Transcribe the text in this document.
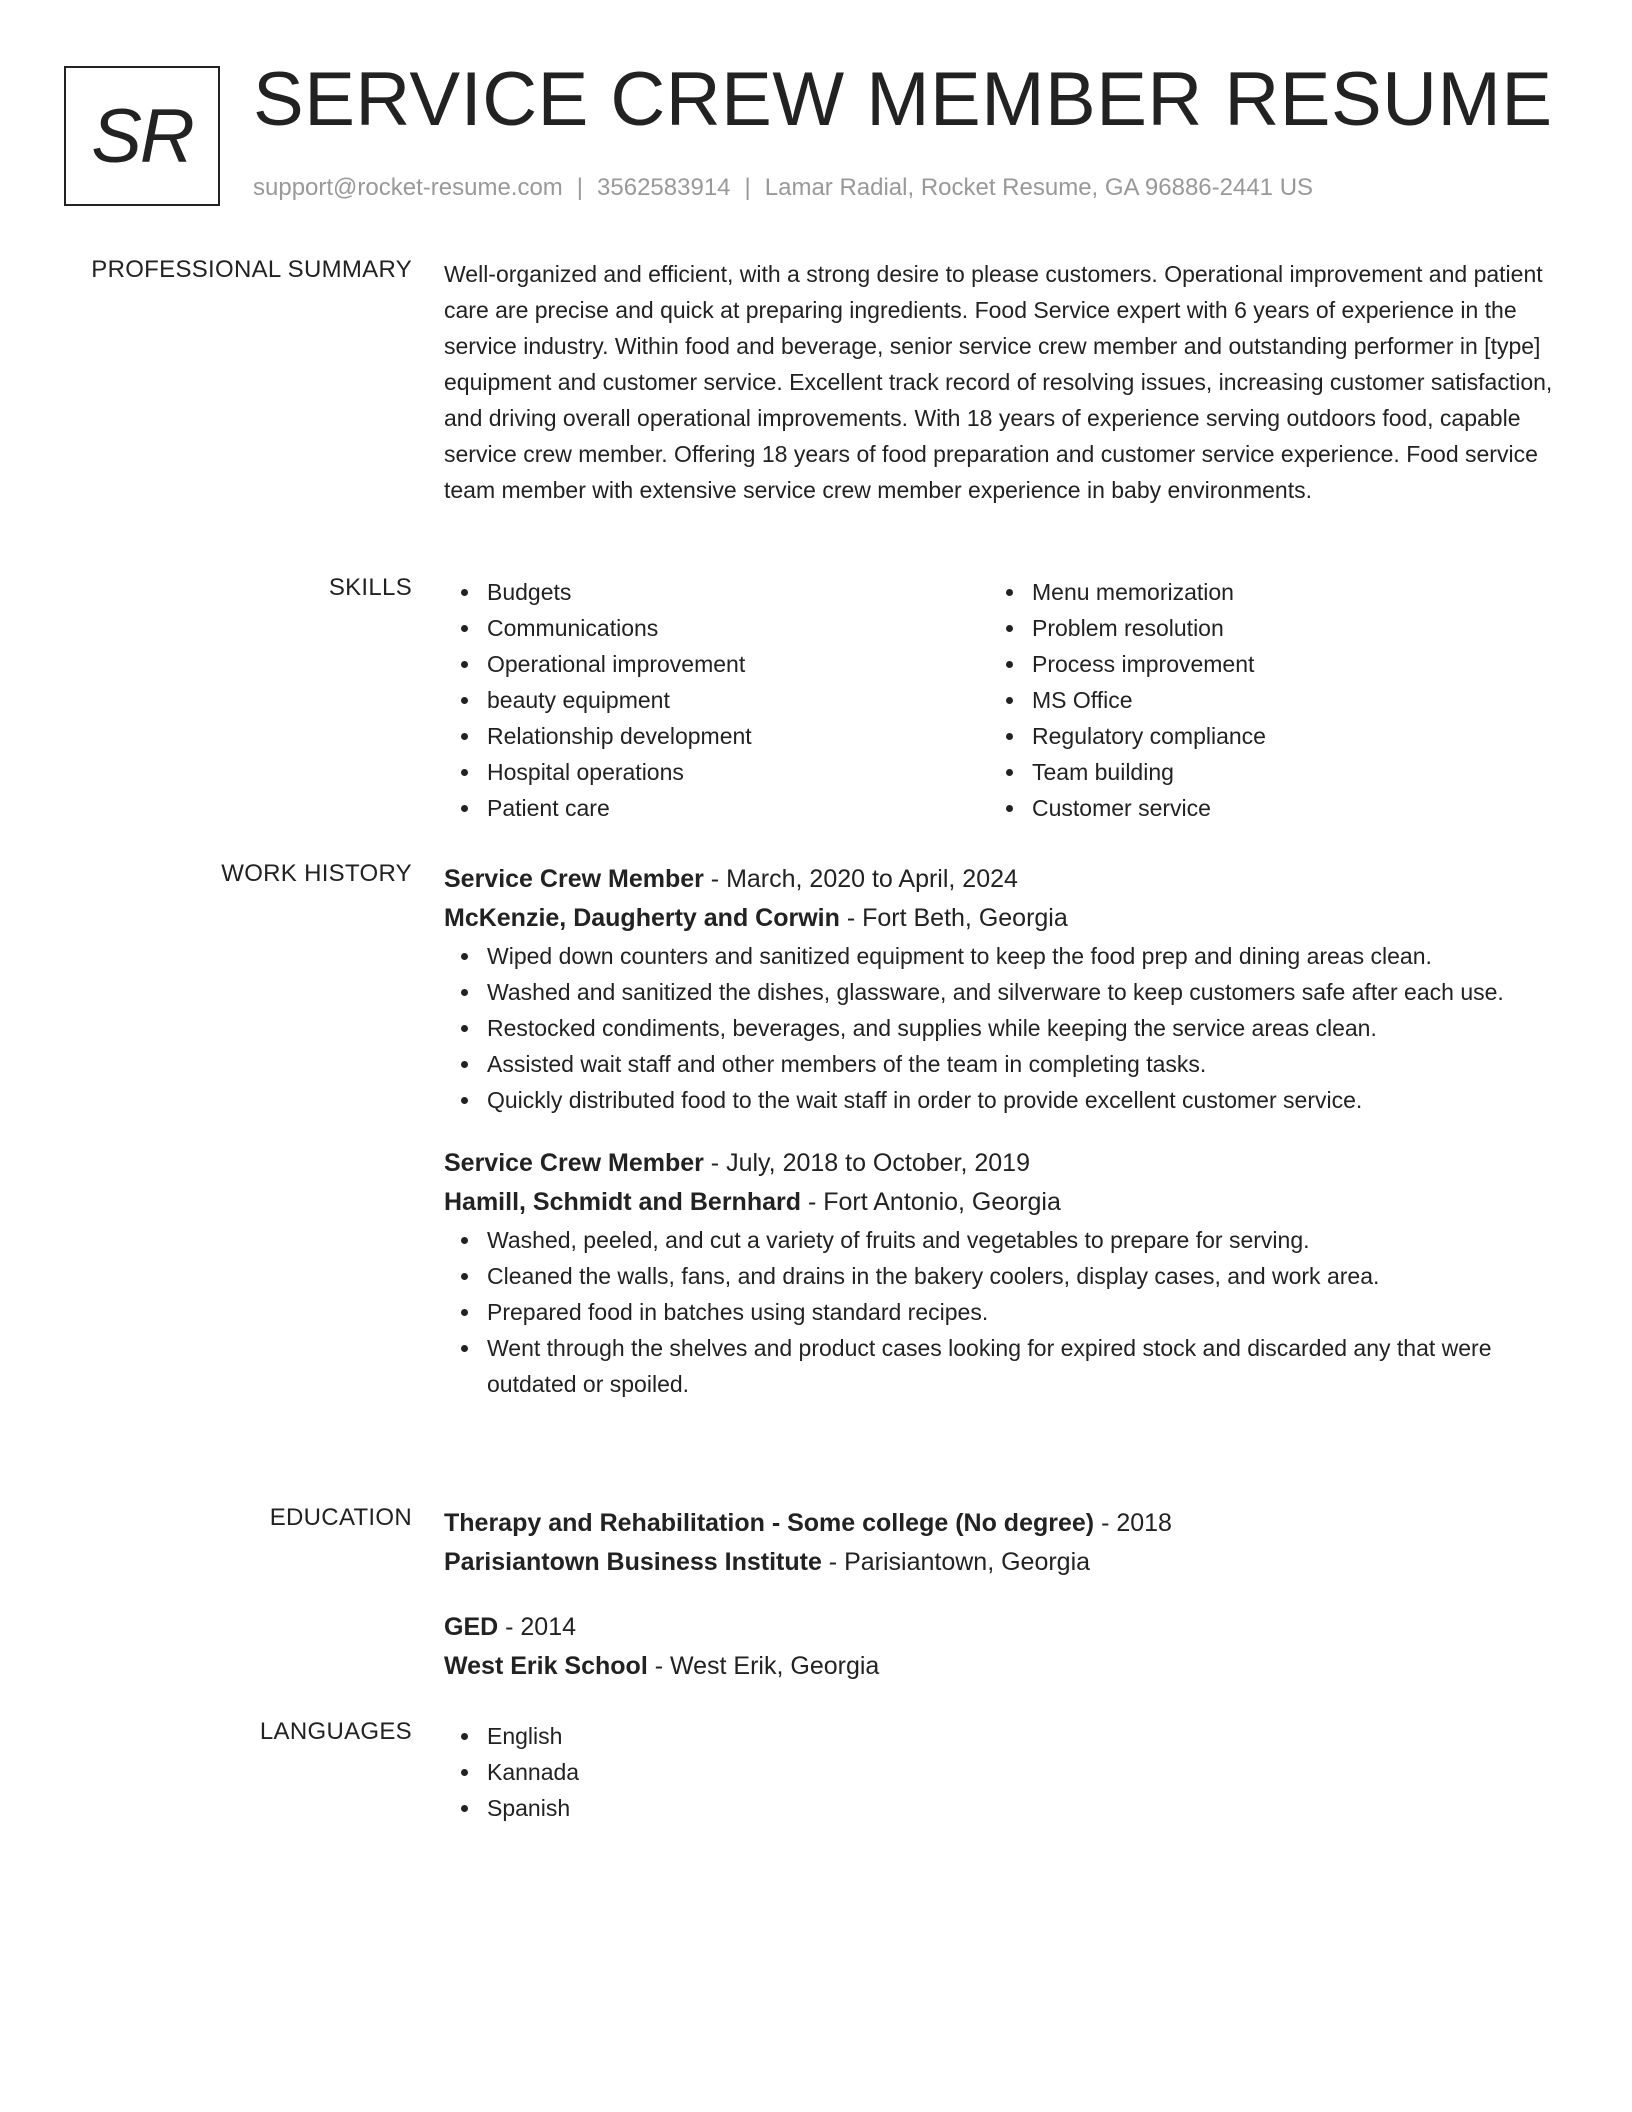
SR SERVICE CREW MEMBER RESUME
support@rocket-resume.com | 3562583914 | Lamar Radial, Rocket Resume, GA 96886-2441 US
PROFESSIONAL SUMMARY Well-organized and efficient, with a strong desire to please customers. Operational improvement and patient care are precise and quick at preparing ingredients. Food Service expert with 6 years of experience in the service industry. Within food and beverage, senior service crew member and outstanding performer in [type] equipment and customer service. Excellent track record of resolving issues, increasing customer satisfaction, and driving overall operational improvements. With 18 years of experience serving outdoors food, capable service crew member. Offering 18 years of food preparation and customer service experience. Food service team member with extensive service crew member experience in baby environments.

SKILLS	Budgets
Communications
Operational improvement
beauty equipment
Relationship development
Hospital operations
Patient care
Menu memorization
Problem resolution
Process improvement
MS Office
Regulatory compliance
Team building
Customer service
WORK HISTORY Service Crew Member - March, 2020 to April, 2024
McKenzie, Daugherty and Corwin - Fort Beth, Georgia
Wiped down counters and sanitized equipment to keep the food prep and dining areas clean.
Washed and sanitized the dishes, glassware, and silverware to keep customers safe after each use.
Restocked condiments, beverages, and supplies while keeping the service areas clean.
Assisted wait staff and other members of the team in completing tasks.
Quickly distributed food to the wait staff in order to provide excellent customer service.
Service Crew Member - July, 2018 to October, 2019
Hamill, Schmidt and Bernhard - Fort Antonio, Georgia
Washed, peeled, and cut a variety of fruits and vegetables to prepare for serving.
Cleaned the walls, fans, and drains in the bakery coolers, display cases, and work area.
Prepared food in batches using standard recipes.
Went through the shelves and product cases looking for expired stock and discarded any that were outdated or spoiled.
EDUCATION Therapy and Rehabilitation - Some college (No degree) - 2018
Parisiantown Business Institute - Parisiantown, Georgia
GED - 2014
West Erik School - West Erik, Georgia
LANGUAGES	English
Kannada
Spanish
